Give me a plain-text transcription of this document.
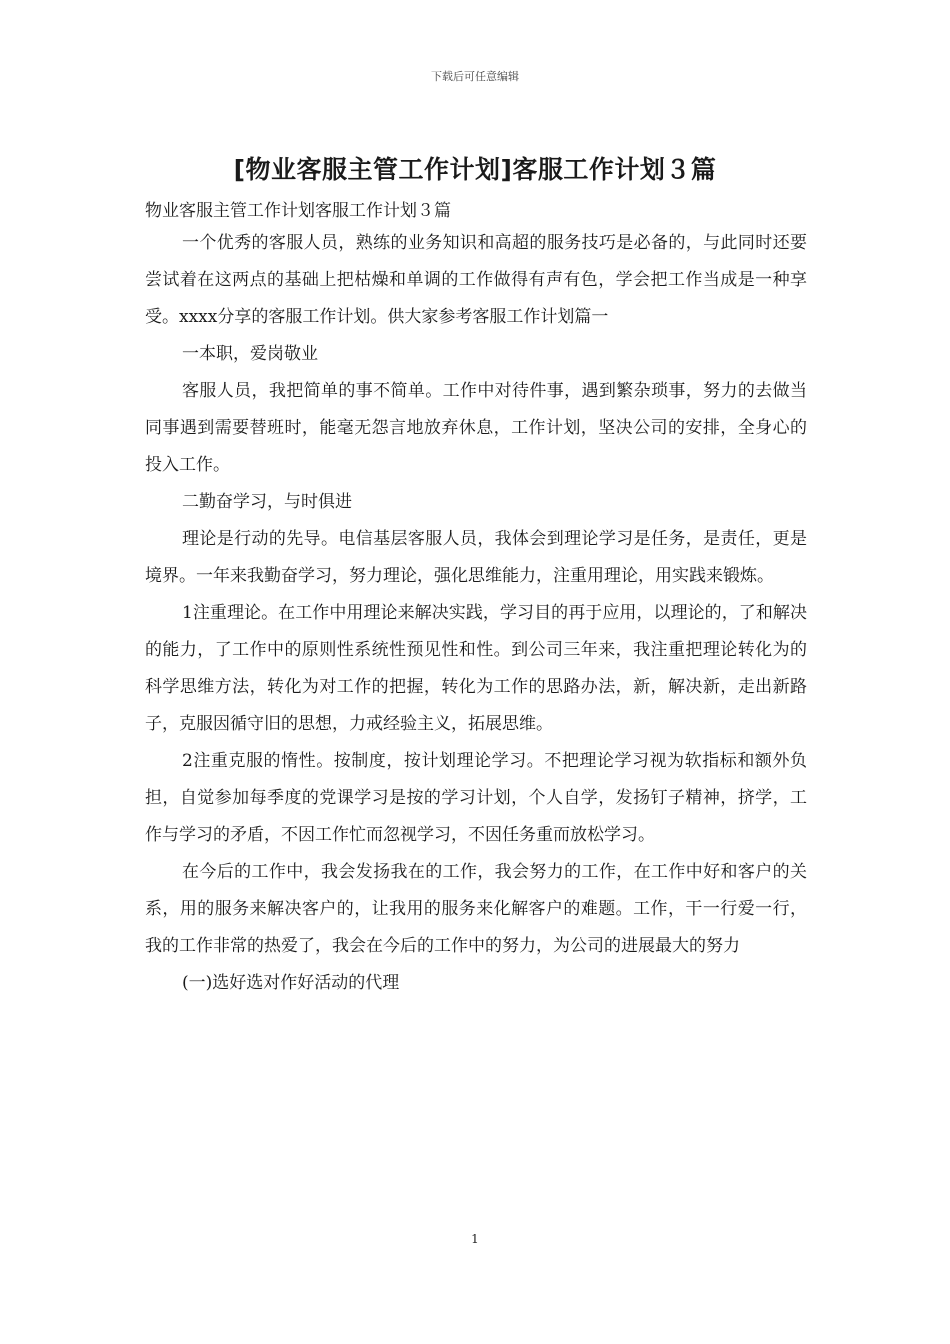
下载后可任意编辑
[物业客服主管工作计划]客服工作计划３篇

物业客服主管工作计划客服工作计划３篇

一个优秀的客服人员，熟练的业务知识和高超的服务技巧是必备的，与此同时还要尝试着在这两点的基础上把枯燥和单调的工作做得有声有色，学会把工作当成是一种享受。xxxx分享的客服工作计划。供大家参考客服工作计划篇一

一本职，爱岗敬业

客服人员，我把简单的事不简单。工作中对待件事，遇到繁杂琐事，努力的去做当同事遇到需要替班时，能毫无怨言地放弃休息，工作计划，坚决公司的安排，全身心的投入工作。

二勤奋学习，与时俱进

理论是行动的先导。电信基层客服人员，我体会到理论学习是任务，是责任，更是境界。一年来我勤奋学习，努力理论，强化思维能力，注重用理论，用实践来锻炼。

1注重理论。在工作中用理论来解决实践，学习目的再于应用，以理论的，了和解决的能力，了工作中的原则性系统性预见性和性。到公司三年来，我注重把理论转化为的科学思维方法，转化为对工作的把握，转化为工作的思路办法，新，解决新，走出新路子，克服因循守旧的思想，力戒经验主义，拓展思维。

2注重克服的惰性。按制度，按计划理论学习。不把理论学习视为软指标和额外负担，自觉参加每季度的党课学习是按的学习计划，个人自学，发扬钉子精神，挤学，工作与学习的矛盾，不因工作忙而忽视学习，不因任务重而放松学习。

在今后的工作中，我会发扬我在的工作，我会努力的工作，在工作中好和客户的关系，用的服务来解决客户的，让我用的服务来化解客户的难题。工作，干一行爱一行，我的工作非常的热爱了，我会在今后的工作中的努力，为公司的进展最大的努力

(一)选好选对作好活动的代理

1
